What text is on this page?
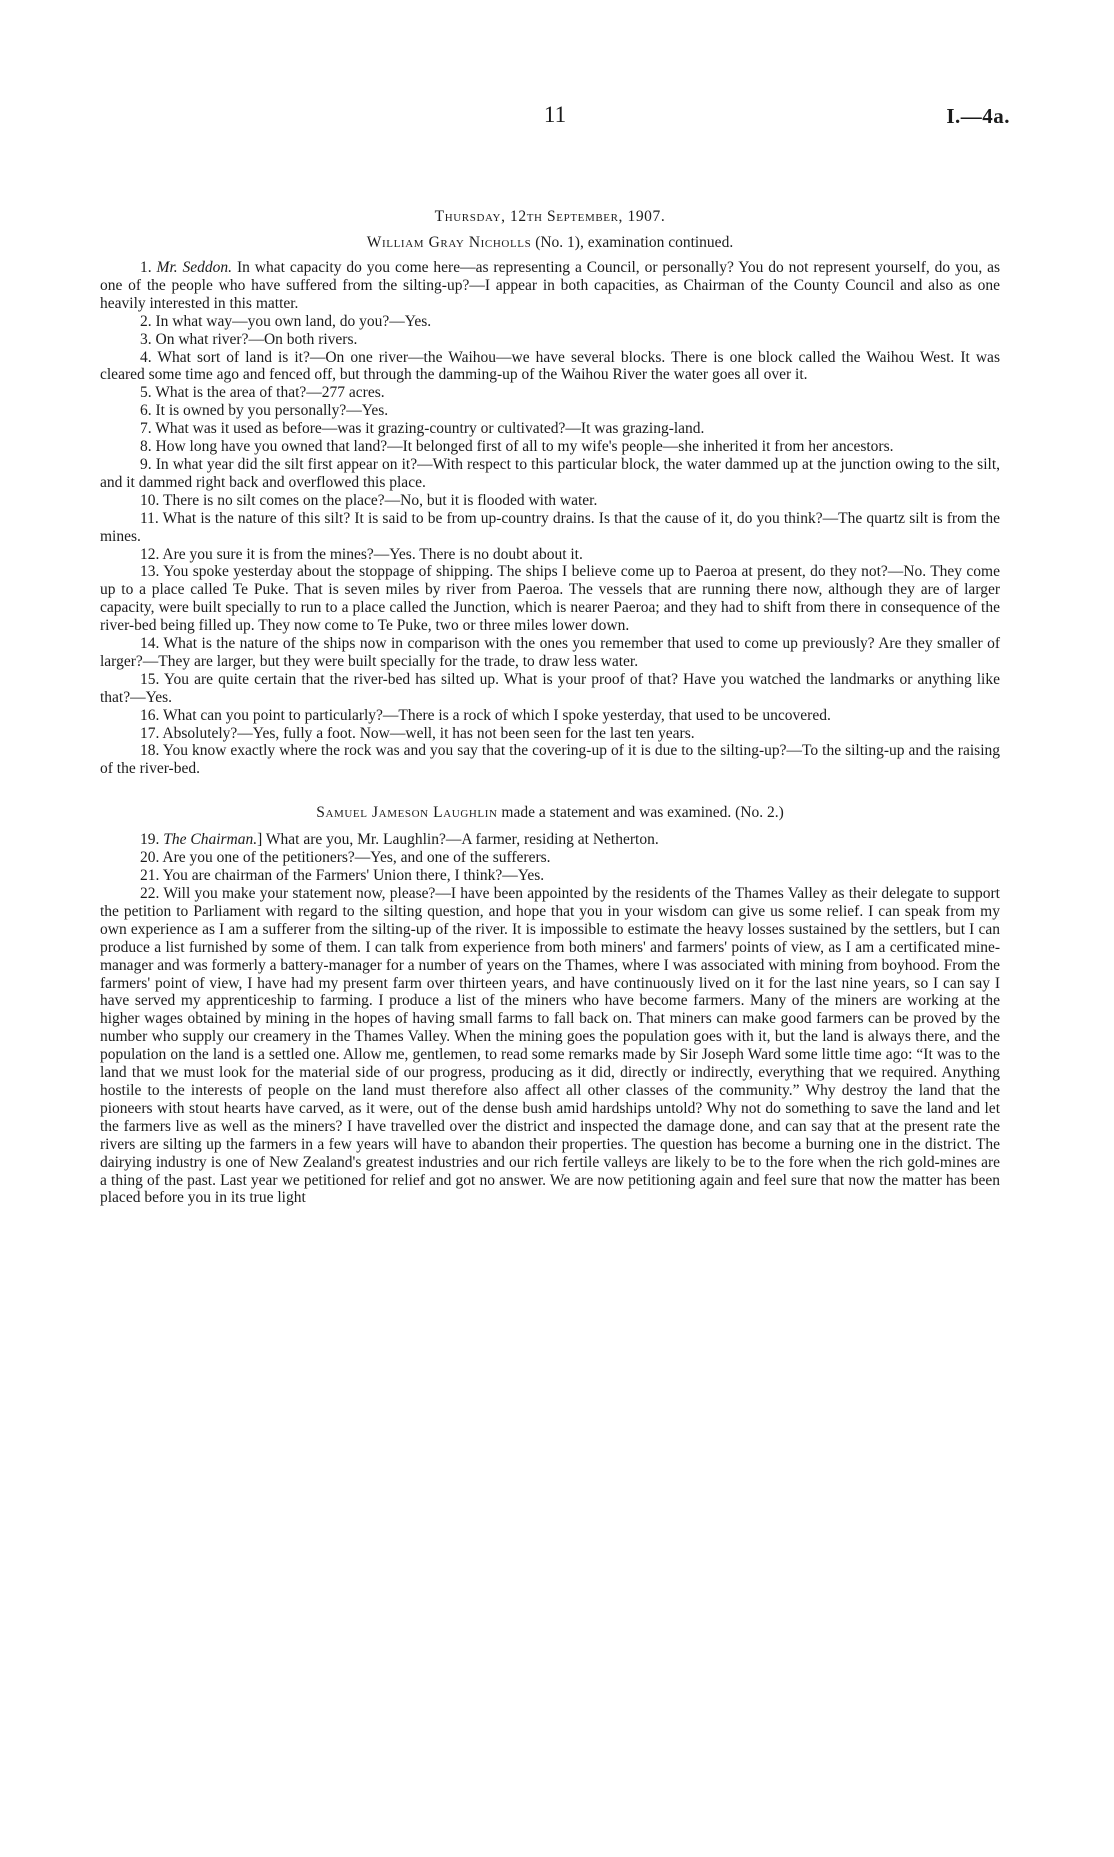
11	I.—4a.
Thursday, 12th September, 1907.
William Gray Nicholls (No. 1), examination continued.

1. Mr. Seddon. In what capacity do you come here—as representing a Council, or personally? You do not represent yourself, do you, as one of the people who have suffered from the silting-up?—I appear in both capacities, as Chairman of the County Council and also as one heavily interested in this matter.

2. In what way—you own land, do you?—Yes.

3. On what river?—On both rivers.

4. What sort of land is it?—On one river—the Waihou—we have several blocks. There is one block called the Waihou West. It was cleared some time ago and fenced off, but through the damming-up of the Waihou River the water goes all over it.

5. What is the area of that?—277 acres.

6. It is owned by you personally?—Yes.

7. What was it used as before—was it grazing-country or cultivated?—It was grazing-land.

8. How long have you owned that land?—It belonged first of all to my wife's people—she inherited it from her ancestors.

9. In what year did the silt first appear on it?—With respect to this particular block, the water dammed up at the junction owing to the silt, and it dammed right back and overflowed this place.

10. There is no silt comes on the place?—No, but it is flooded with water.

11. What is the nature of this silt? It is said to be from up-country drains. Is that the cause of it, do you think?—The quartz silt is from the mines.

12. Are you sure it is from the mines?—Yes. There is no doubt about it.

13. You spoke yesterday about the stoppage of shipping. The ships I believe come up to Paeroa at present, do they not?—No. They come up to a place called Te Puke. That is seven miles by river from Paeroa. The vessels that are running there now, although they are of larger capacity, were built specially to run to a place called the Junction, which is nearer Paeroa; and they had to shift from there in consequence of the river-bed being filled up. They now come to Te Puke, two or three miles lower down.

14. What is the nature of the ships now in comparison with the ones you remember that used to come up previously? Are they smaller of larger?—They are larger, but they were built specially for the trade, to draw less water.

15. You are quite certain that the river-bed has silted up. What is your proof of that? Have you watched the landmarks or anything like that?—Yes.

16. What can you point to particularly?—There is a rock of which I spoke yesterday, that used to be uncovered.

17. Absolutely?—Yes, fully a foot. Now—well, it has not been seen for the last ten years.

18. You know exactly where the rock was and you say that the covering-up of it is due to the silting-up?—To the silting-up and the raising of the river-bed.

Samuel Jameson Laughlin made a statement and was examined. (No. 2.)

19. The Chairman.] What are you, Mr. Laughlin?—A farmer, residing at Netherton.

20. Are you one of the petitioners?—Yes, and one of the sufferers.

21. You are chairman of the Farmers' Union there, I think?—Yes.

22. Will you make your statement now, please?—I have been appointed by the residents of the Thames Valley as their delegate to support the petition to Parliament with regard to the silting question, and hope that you in your wisdom can give us some relief. I can speak from my own experience as I am a sufferer from the silting-up of the river. It is impossible to estimate the heavy losses sustained by the settlers, but I can produce a list furnished by some of them. I can talk from experience from both miners' and farmers' points of view, as I am a certificated mine-manager and was formerly a battery-manager for a number of years on the Thames, where I was associated with mining from boyhood. From the farmers' point of view, I have had my present farm over thirteen years, and have continuously lived on it for the last nine years, so I can say I have served my apprenticeship to farming. I produce a list of the miners who have become farmers. Many of the miners are working at the higher wages obtained by mining in the hopes of having small farms to fall back on. That miners can make good farmers can be proved by the number who supply our creamery in the Thames Valley. When the mining goes the population goes with it, but the land is always there, and the population on the land is a settled one. Allow me, gentlemen, to read some remarks made by Sir Joseph Ward some little time ago: “It was to the land that we must look for the material side of our progress, producing as it did, directly or indirectly, everything that we required. Anything hostile to the interests of people on the land must therefore also affect all other classes of the community.” Why destroy the land that the pioneers with stout hearts have carved, as it were, out of the dense bush amid hardships untold? Why not do something to save the land and let the farmers live as well as the miners? I have travelled over the district and inspected the damage done, and can say that at the present rate the rivers are silting up the farmers in a few years will have to abandon their properties. The question has become a burning one in the district. The dairying industry is one of New Zealand's greatest industries and our rich fertile valleys are likely to be to the fore when the rich gold-mines are a thing of the past. Last year we petitioned for relief and got no answer. We are now petitioning again and feel sure that now the matter has been placed before you in its true light
